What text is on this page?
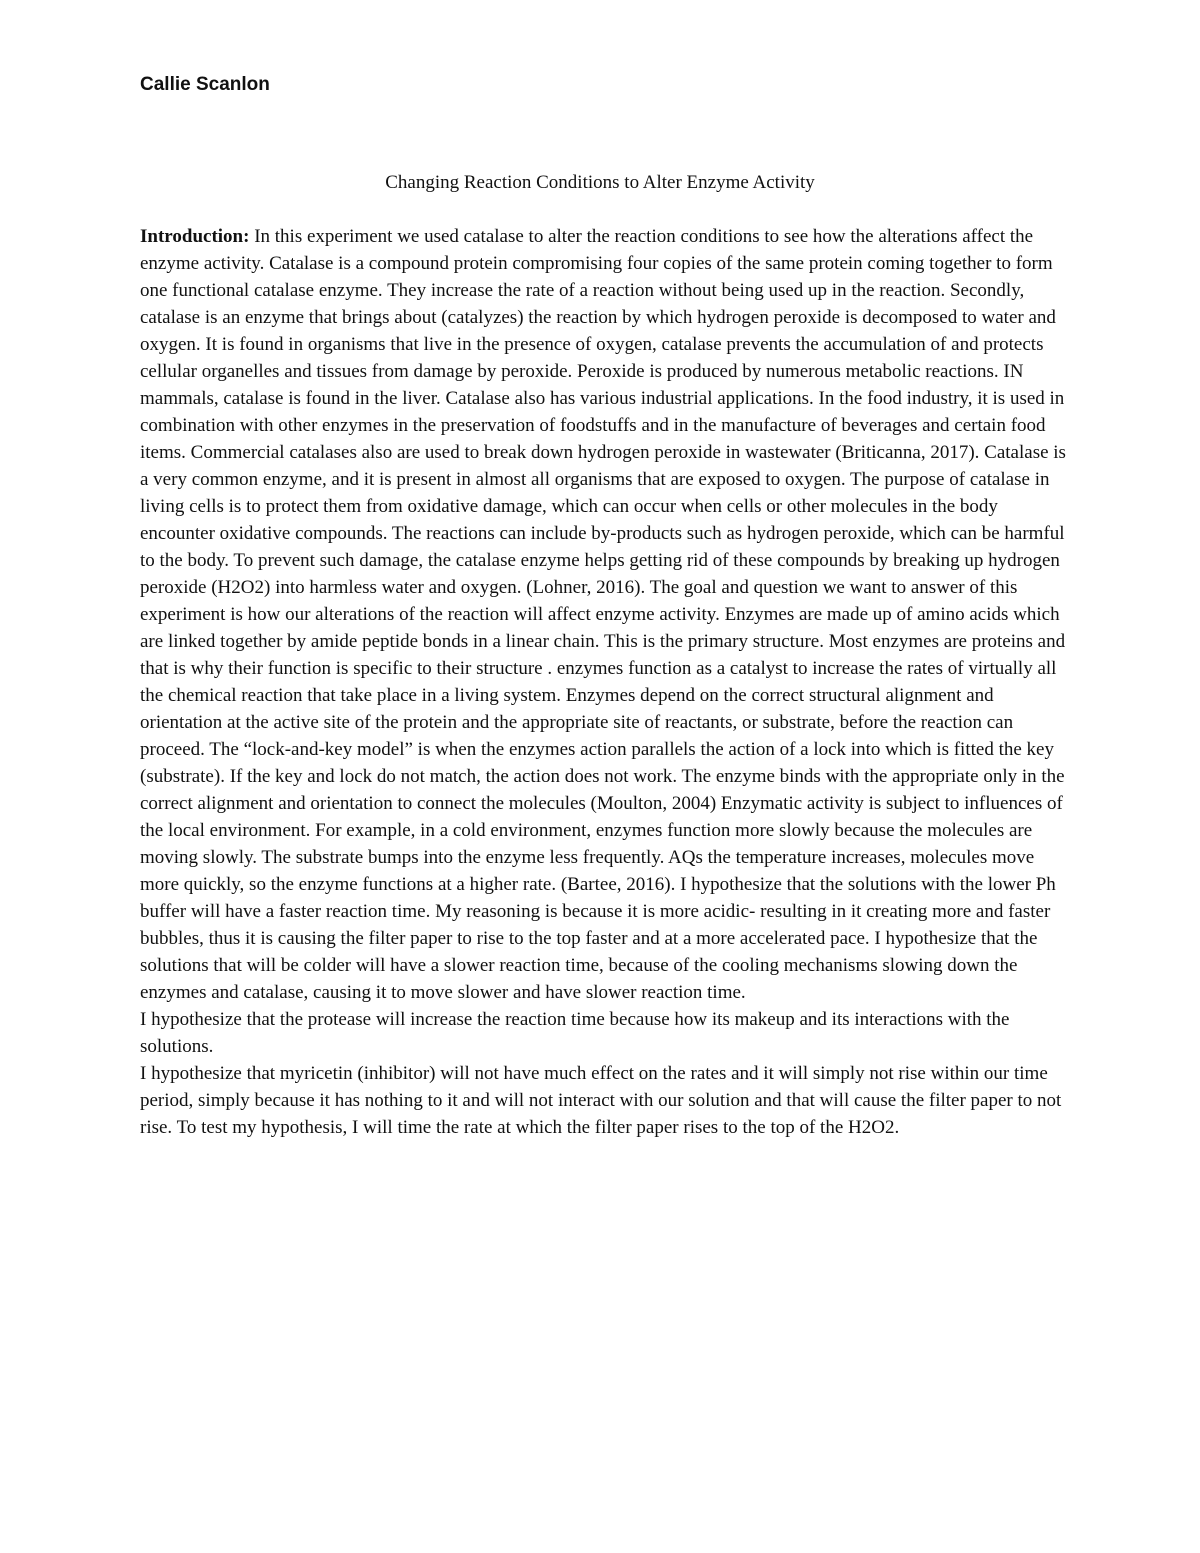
Callie Scanlon

Changing Reaction Conditions to Alter Enzyme Activity

Introduction: In this experiment we used catalase to alter the reaction conditions to see how the alterations affect the enzyme activity. Catalase is a compound protein compromising four copies of the same protein coming together to form one functional catalase enzyme. They increase the rate of a reaction without being used up in the reaction. Secondly, catalase is an enzyme that brings about (catalyzes) the reaction by which hydrogen peroxide is decomposed to water and oxygen. It is found in organisms that live in the presence of oxygen, catalase prevents the accumulation of and protects cellular organelles and tissues from damage by peroxide. Peroxide is produced by numerous metabolic reactions. IN mammals, catalase is found in the liver. Catalase also has various industrial applications. In the food industry, it is used in combination with other enzymes in the preservation of foodstuffs and in the manufacture of beverages and certain food items. Commercial catalases also are used to break down hydrogen peroxide in wastewater (Briticanna, 2017). Catalase is a very common enzyme, and it is present in almost all organisms that are exposed to oxygen. The purpose of catalase in living cells is to protect them from oxidative damage, which can occur when cells or other molecules in the body encounter oxidative compounds. The reactions can include by-products such as hydrogen peroxide, which can be harmful to the body. To prevent such damage, the catalase enzyme helps getting rid of these compounds by breaking up hydrogen peroxide (H2O2) into harmless water and oxygen. (Lohner, 2016). The goal and question we want to answer of this experiment is how our alterations of the reaction will affect enzyme activity. Enzymes are made up of amino acids which are linked together by amide peptide bonds in a linear chain. This is the primary structure. Most enzymes are proteins and that is why their function is specific to their structure . enzymes function as a catalyst to increase the rates of virtually all the chemical reaction that take place in a living system. Enzymes depend on the correct structural alignment and orientation at the active site of the protein and the appropriate site of reactants, or substrate, before the reaction can proceed. The “lock-and-key model” is when the enzymes action parallels the action of a lock into which is fitted the key (substrate). If the key and lock do not match, the action does not work. The enzyme binds with the appropriate only in the correct alignment and orientation to connect the molecules (Moulton, 2004) Enzymatic activity is subject to influences of the local environment. For example, in a cold environment, enzymes function more slowly because the molecules are moving slowly. The substrate bumps into the enzyme less frequently. AQs the temperature increases, molecules move more quickly, so the enzyme functions at a higher rate. (Bartee, 2016). I hypothesize that the solutions with the lower Ph buffer will have a faster reaction time. My reasoning is because it is more acidic- resulting in it creating more and faster bubbles, thus it is causing the filter paper to rise to the top faster and at a more accelerated pace. I hypothesize that the solutions that will be colder will have a slower reaction time, because of the cooling mechanisms slowing down the enzymes and catalase, causing it to move slower and have slower reaction time.

I hypothesize that the protease will increase the reaction time because how its makeup and its interactions with the solutions.

I hypothesize that myricetin (inhibitor) will not have much effect on the rates and it will simply not rise within our time period, simply because it has nothing to it and will not interact with our solution and that will cause the filter paper to not rise. To test my hypothesis, I will time the rate at which the filter paper rises to the top of the H2O2.
